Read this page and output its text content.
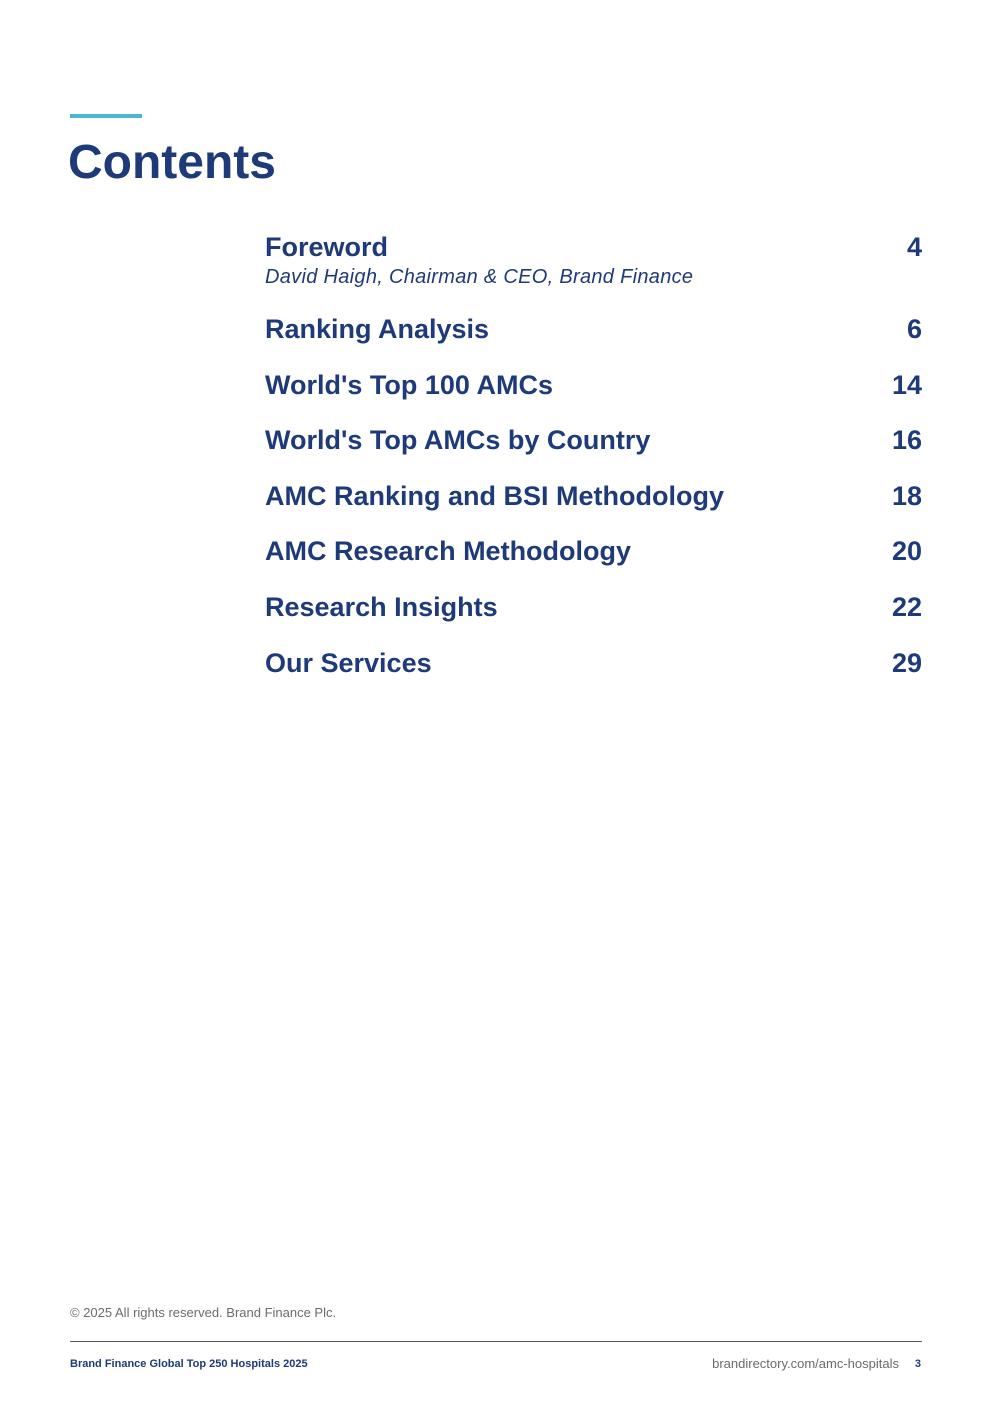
Contents
Foreword	4
David Haigh, Chairman & CEO, Brand Finance
Ranking Analysis	6
World's Top 100 AMCs	14
World's Top AMCs by Country	16
AMC Ranking and BSI Methodology	18
AMC Research Methodology	20
Research Insights	22
Our Services	29
© 2025 All rights reserved. Brand Finance Plc.
Brand Finance Global Top 250 Hospitals 2025	brandirectory.com/amc-hospitals 3
